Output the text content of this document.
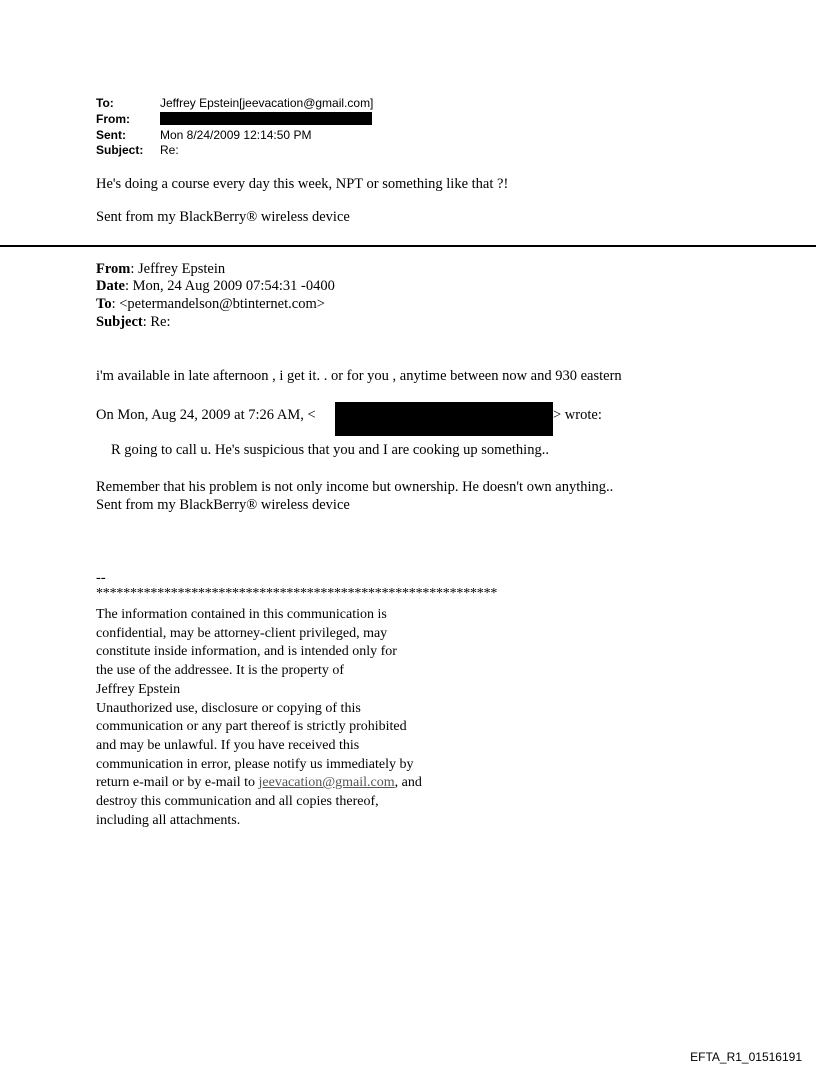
To:	Jeffrey Epstein[jeevacation@gmail.com]
From:
Sent:	Mon 8/24/2009 12:14:50 PM
Subject: Re:
He's doing a course every day this week, NPT or something like that ?!
Sent from my BlackBerry® wireless device
From: Jeffrey Epstein
Date: Mon, 24 Aug 2009 07:54:31 -0400
To: <petermandelson@btinternet.com>
Subject: Re:
i'm available in late afternoon , i get it. . or for you , anytime between now and 930 eastern
On Mon, Aug 24, 2009 at 7:26 AM, <	> wrote:
R going to call u. He's suspicious that you and I are cooking up something..
Remember that his problem is not only income but ownership. He doesn't own anything..
Sent from my BlackBerry® wireless device
--
***********************************************************
The information contained in this communication is
confidential, may be attorney-client privileged, may
constitute inside information, and is intended only for
the use of the addressee. It is the property of
Jeffrey Epstein
Unauthorized use, disclosure or copying of this
communication or any part thereof is strictly prohibited
and may be unlawful. If you have received this
communication in error, please notify us immediately by
return e-mail or by e-mail to jeevacation@gmail.com, and
destroy this communication and all copies thereof,
including all attachments.
EFTA_R1_01516191
